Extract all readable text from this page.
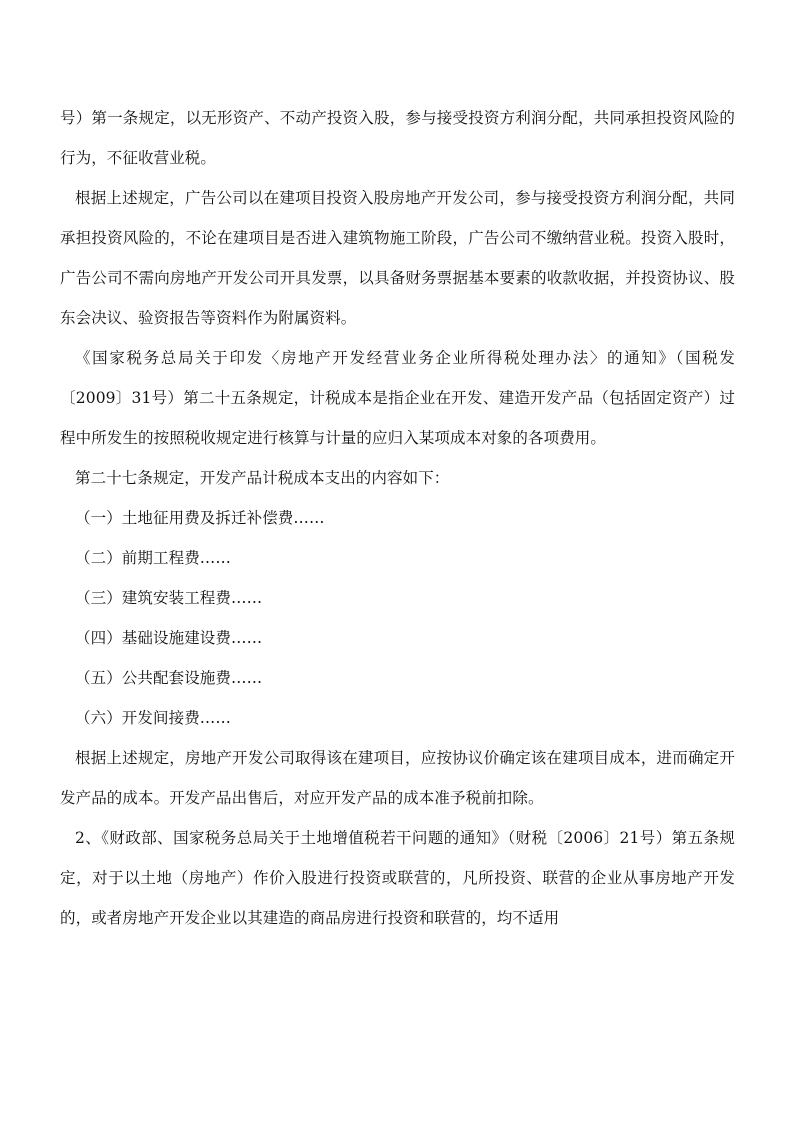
号）第一条规定，以无形资产、不动产投资入股，参与接受投资方利润分配，共同承担投资风险的行为，不征收营业税。

根据上述规定，广告公司以在建项目投资入股房地产开发公司，参与接受投资方利润分配，共同承担投资风险的，不论在建项目是否进入建筑物施工阶段，广告公司不缴纳营业税。投资入股时，广告公司不需向房地产开发公司开具发票，以具备财务票据基本要素的收款收据，并投资协议、股东会决议、验资报告等资料作为附属资料。

《国家税务总局关于印发〈房地产开发经营业务企业所得税处理办法〉的通知》（国税发〔2009〕31号）第二十五条规定，计税成本是指企业在开发、建造开发产品（包括固定资产）过程中所发生的按照税收规定进行核算与计量的应归入某项成本对象的各项费用。

第二十七条规定，开发产品计税成本支出的内容如下：

（一）土地征用费及拆迁补偿费……

（二）前期工程费……

（三）建筑安装工程费……

（四）基础设施建设费……

（五）公共配套设施费……

（六）开发间接费……

根据上述规定，房地产开发公司取得该在建项目，应按协议价确定该在建项目成本，进而确定开发产品的成本。开发产品出售后，对应开发产品的成本准予税前扣除。

2、《财政部、国家税务总局关于土地增值税若干问题的通知》（财税〔2006〕21号）第五条规定，对于以土地（房地产）作价入股进行投资或联营的，凡所投资、联营的企业从事房地产开发的，或者房地产开发企业以其建造的商品房进行投资和联营的，均不适用
